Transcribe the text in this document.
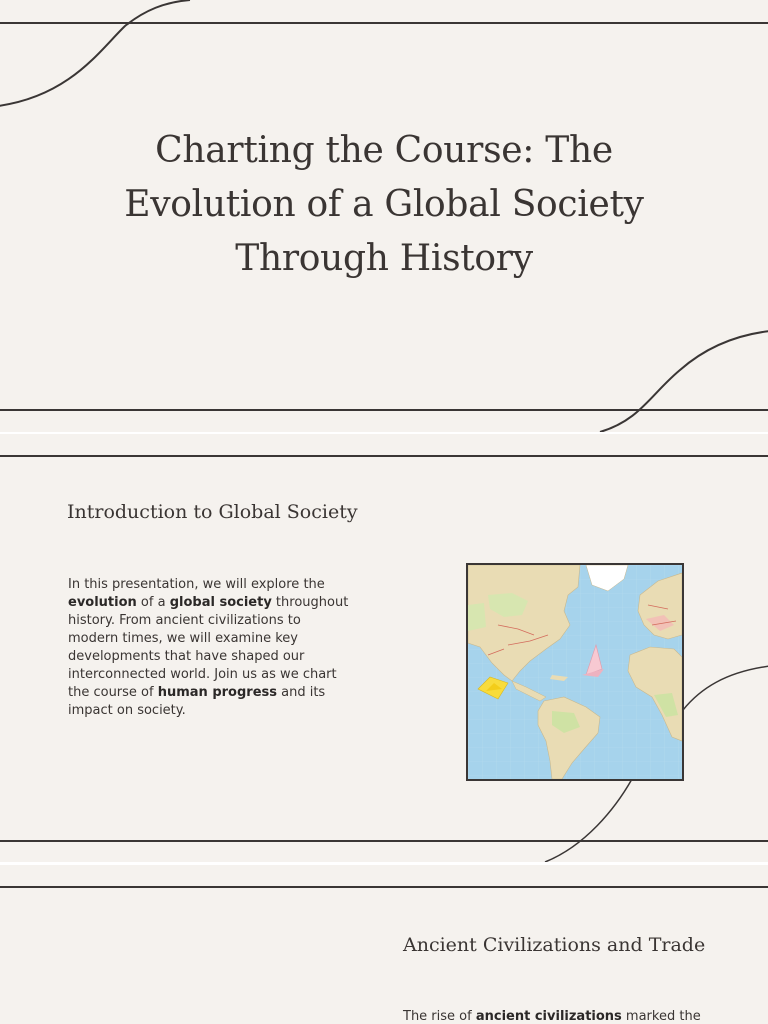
Charting the Course: The
Evolution of a Global Society
Through History
Introduction to Global Society

In this presentation, we will explore the
evolution of a global society throughout
history. From ancient civilizations to
modern times, we will examine key
developments that have shaped our
interconnected world. Join us as we chart
the course of human progress and its
impact on society.

Ancient Civilizations and Trade

The rise of ancient civilizations marked the
